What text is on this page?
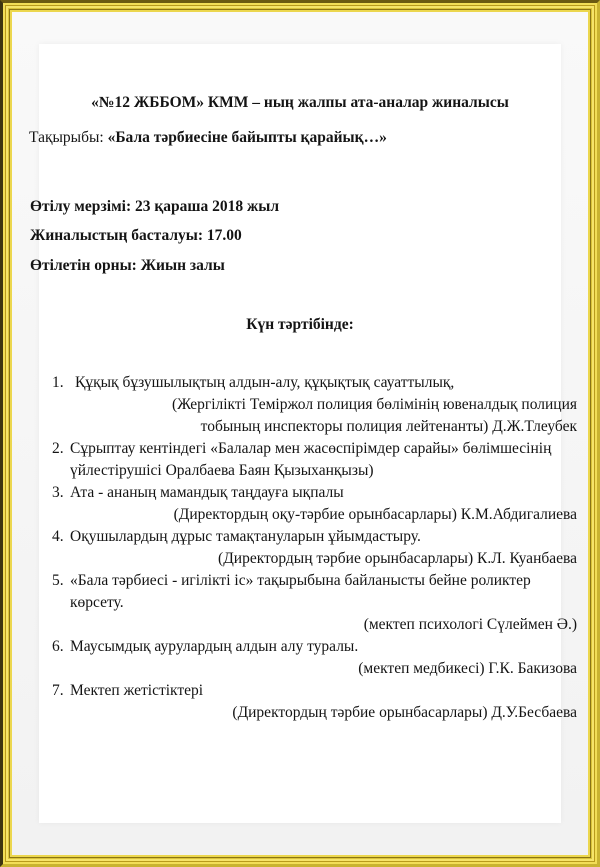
«№12 ЖББОМ» КММ – ның жалпы ата-аналар жиналысы
Тақырыбы: «Бала тәрбиесіне байыпты қарайық…»
Өтілу мерзімі: 23 қараша 2018 жыл
Жиналыстың басталуы: 17.00
Өтілетін орны: Жиын залы
Күн тәртібінде:
1. Құқық бұзушылықтың алдын-алу, құқықтық сауаттылық,
(Жергілікті Теміржол полиция бөлімінің ювеналдық полиция
тобының инспекторы полиция лейтенанты) Д.Ж.Тлеубек
2. Сұрыптау кентіндегі «Балалар мен жасөспірімдер сарайы» бөлімшесінің
үйлестірушісі Оралбаева Баян Қызыханқызы)
3. Ата - ананың мамандық таңдауға ықпалы
(Директордың оқу-тәрбие орынбасарлары) К.М.Абдигалиева
4. Оқушылардың дұрыс тамақтануларын ұйымдастыру.
(Директордың тәрбие орынбасарлары) К.Л. Куанбаева
5. «Бала тәрбиесі - игілікті іс» тақырыбына байланысты бейне роликтер
көрсету.
(мектеп психологі Сүлеймен Ә.)
6. Маусымдық аурулардың алдын алу туралы.
(мектеп медбикесі) Г.К. Бакизова
7. Мектеп жетістіктері
(Директордың тәрбие орынбасарлары) Д.У.Бесбаева
